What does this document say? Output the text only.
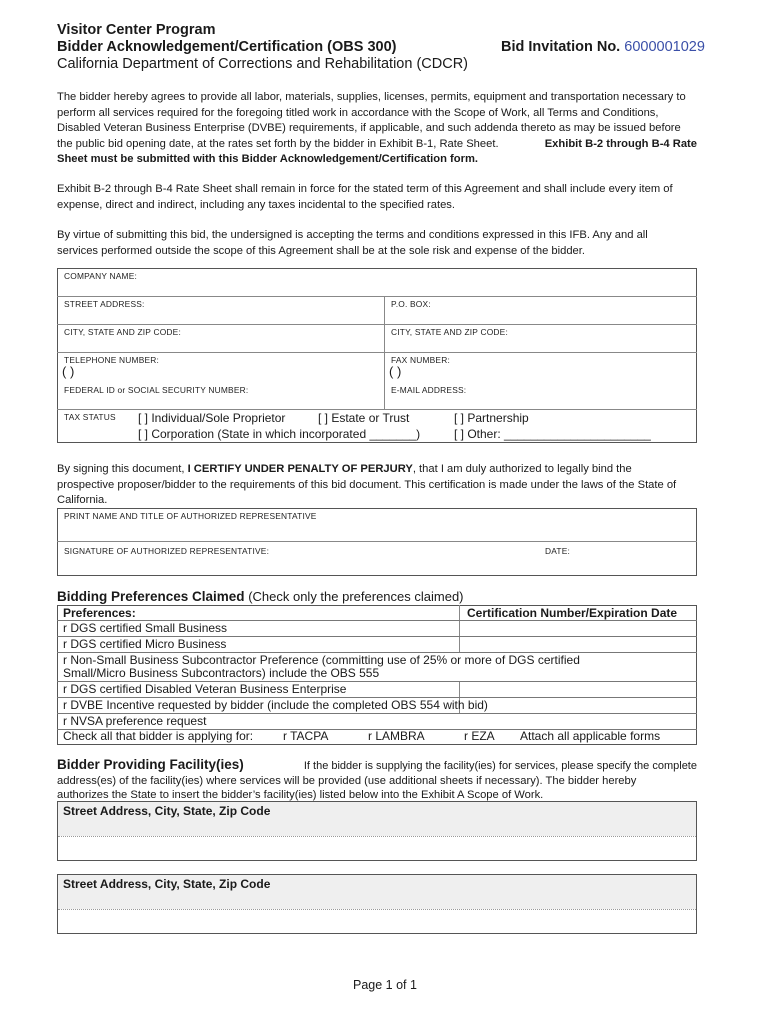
Visitor Center Program
Bidder Acknowledgement/Certification (OBS 300)
California Department of Corrections and Rehabilitation (CDCR)
Bid Invitation No. 6000001029
The bidder hereby agrees to provide all labor, materials, supplies, licenses, permits, equipment and transportation necessary to
perform all services required for the foregoing titled work in accordance with the Scope of Work, all Terms and Conditions,
Disabled Veteran Business Enterprise (DVBE) requirements, if applicable, and such addenda thereto as may be issued before
the public bid opening date, at the rates set forth by the bidder in Exhibit B-1, Rate Sheet.	Exhibit B-2 through B-4 Rate
Sheet must be submitted with this Bidder Acknowledgement/Certification form.
Exhibit B-2 through B-4 Rate Sheet shall remain in force for the stated term of this Agreement and shall include every item of
expense, direct and indirect, including any taxes incidental to the specified rates.
By virtue of submitting this bid, the undersigned is accepting the terms and conditions expressed in this IFB. Any and all
services performed outside the scope of this Agreement shall be at the sole risk and expense of the bidder.
COMPANY NAME:
STREET ADDRESS:	P.O. BOX:
CITY, STATE AND ZIP CODE:	CITY, STATE AND ZIP CODE:
TELEPHONE NUMBER:
( )
FAX NUMBER:
( )
FEDERAL ID or SOCIAL SECURITY NUMBER:	E-MAIL ADDRESS:
TAX STATUS [ ] Individual/Sole Proprietor	[ ] Estate or Trust	[ ] Partnership
[ ] Corporation (State in which incorporated _______)	[ ] Other: ______________________
By signing this document, I CERTIFY UNDER PENALTY OF PERJURY, that I am duly authorized to legally bind the
prospective proposer/bidder to the requirements of this bid document. This certification is made under the laws of the State of
California.
PRINT NAME AND TITLE OF AUTHORIZED REPRESENTATIVE
SIGNATURE OF AUTHORIZED REPRESENTATIVE:	DATE:
Bidding Preferences Claimed (Check only the preferences claimed)
Preferences:	Certification Number/Expiration Date
r DGS certified Small Business
r DGS certified Micro Business
r Non-Small Business Subcontractor Preference (committing use of 25% or more of DGS certified
Small/Micro Business Subcontractors) include the OBS 555
r DGS certified Disabled Veteran Business Enterprise
r DVBE Incentive requested by bidder (include the completed OBS 554 with bid)
r NVSA preference request
Check all that bidder is applying for: r TACPA	r LAMBRA	r EZA Attach all applicable forms
Bidder Providing Facility(ies)	If the bidder is supplying the facility(ies) for services, please specify the complete
address(es) of the facility(ies) where services will be provided (use additional sheets if necessary). The bidder hereby
authorizes the State to insert the bidder’s facility(ies) listed below into the Exhibit A Scope of Work.
Street Address, City, State, Zip Code
Street Address, City, State, Zip Code
Page 1 of 1
